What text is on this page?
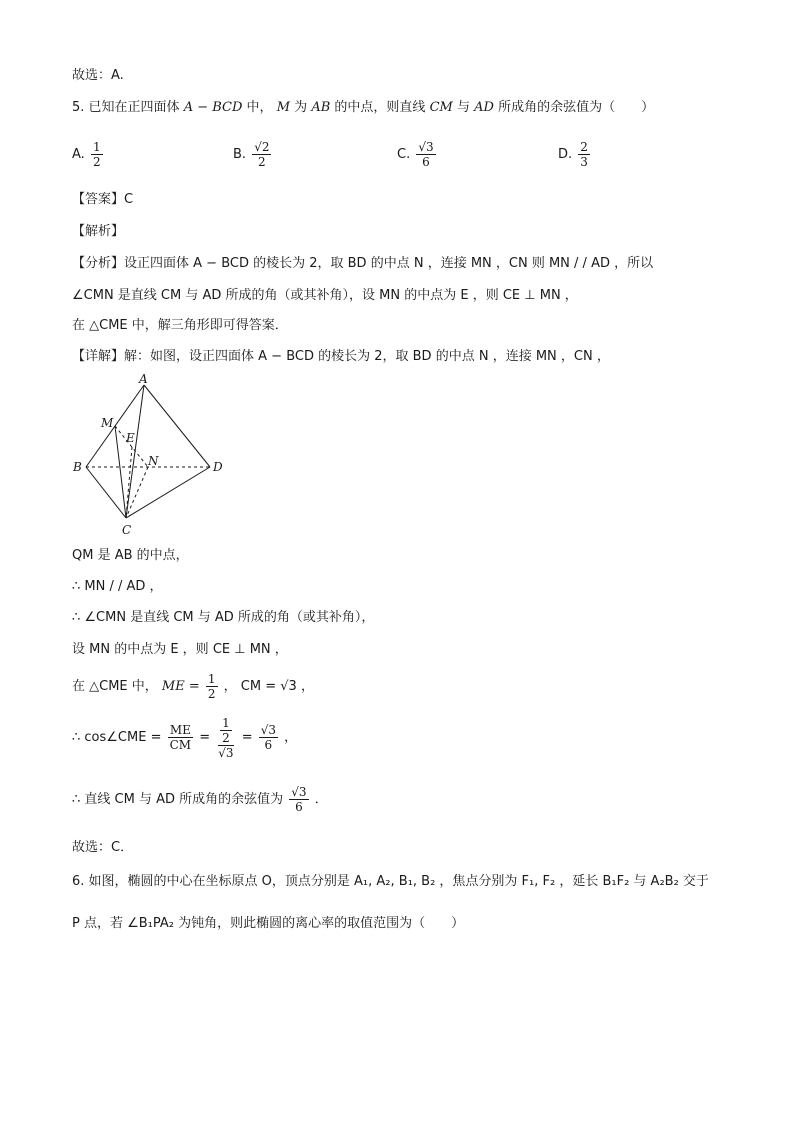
故选：A.
5. 已知在正四面体 A − BCD 中， M 为 AB 的中点，则直线 CM 与 AD 所成角的余弦值为（　　）
A. $\frac{1}{2}$	B. $\frac{√2}{2}$	C. $\frac{√3}{6}$	D. $\frac{2}{3}$
【答案】C
【解析】
【分析】设正四面体 A − BCD 的棱长为 2，取 BD 的中点 N ，连接 MN ，CN 则 MN / / AD ，所以
∠CMN 是直线 CM 与 AD 所成的角（或其补角），设 MN 的中点为 E ，则 CE ⊥ MN ，
在 △CME 中，解三角形即可得答案．
【详解】解：如图，设正四面体 A − BCD 的棱长为 2，取 BD 的中点 N ，连接 MN ，CN ，
A
B
C
D
M
E
N
QM 是 AB 的中点，
∴ MN / / AD ，
∴ ∠CMN 是直线 CM 与 AD 所成的角（或其补角），
设 MN 的中点为 E ，则 CE ⊥ MN ，
在 △CME 中， ME = $\frac{1}{2}$ ， CM = √3 ，
∴ cos∠CME = $\frac{ME}{CM} = \frac{\frac{1}{2}}{√3} = \frac{√3}{6}$ ，
∴ 直线 CM 与 AD 所成角的余弦值为 $\frac{√3}{6}$ ．
故选：C．
6. 如图，椭圆的中心在坐标原点 O，顶点分别是 A₁, A₂, B₁, B₂ ，焦点分别为 F₁, F₂ ，延长 B₁F₂ 与 A₂B₂ 交于
P 点，若 ∠B₁PA₂ 为钝角，则此椭圆的离心率的取值范围为（　　）
